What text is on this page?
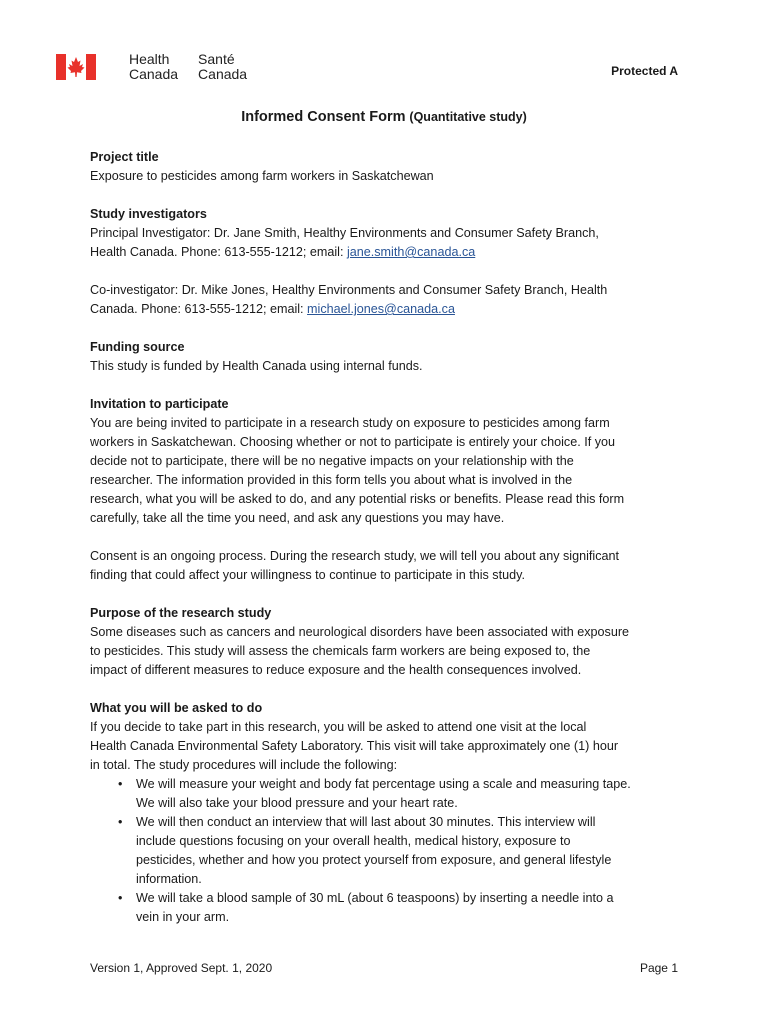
Health
Canada
Santé
Canada	Protected A
Informed Consent Form (Quantitative study)
Project title

Exposure to pesticides among farm workers in Saskatchewan

Study investigators

Principal Investigator: Dr. Jane Smith, Healthy Environments and Consumer Safety Branch,

Health Canada. Phone: 613-555-1212; email: jane.smith@canada.ca

Co-investigator: Dr. Mike Jones, Healthy Environments and Consumer Safety Branch, Health

Canada. Phone: 613-555-1212; email: michael.jones@canada.ca

Funding source

This study is funded by Health Canada using internal funds.

Invitation to participate

You are being invited to participate in a research study on exposure to pesticides among farm

workers in Saskatchewan. Choosing whether or not to participate is entirely your choice. If you

decide not to participate, there will be no negative impacts on your relationship with the

researcher. The information provided in this form tells you about what is involved in the

research, what you will be asked to do, and any potential risks or benefits. Please read this form

carefully, take all the time you need, and ask any questions you may have.

Consent is an ongoing process. During the research study, we will tell you about any significant

finding that could affect your willingness to continue to participate in this study.

Purpose of the research study

Some diseases such as cancers and neurological disorders have been associated with exposure

to pesticides. This study will assess the chemicals farm workers are being exposed to, the

impact of different measures to reduce exposure and the health consequences involved.

What you will be asked to do

If you decide to take part in this research, you will be asked to attend one visit at the local

Health Canada Environmental Safety Laboratory. This visit will take approximately one (1) hour

in total. The study procedures will include the following:

• We will measure your weight and body fat percentage using a scale and measuring tape.

We will also take your blood pressure and your heart rate.

• We will then conduct an interview that will last about 30 minutes. This interview will

include questions focusing on your overall health, medical history, exposure to

pesticides, whether and how you protect yourself from exposure, and general lifestyle

information.

• We will take a blood sample of 30 mL (about 6 teaspoons) by inserting a needle into a

vein in your arm.

Version 1, Approved Sept. 1, 2020	Page 1
